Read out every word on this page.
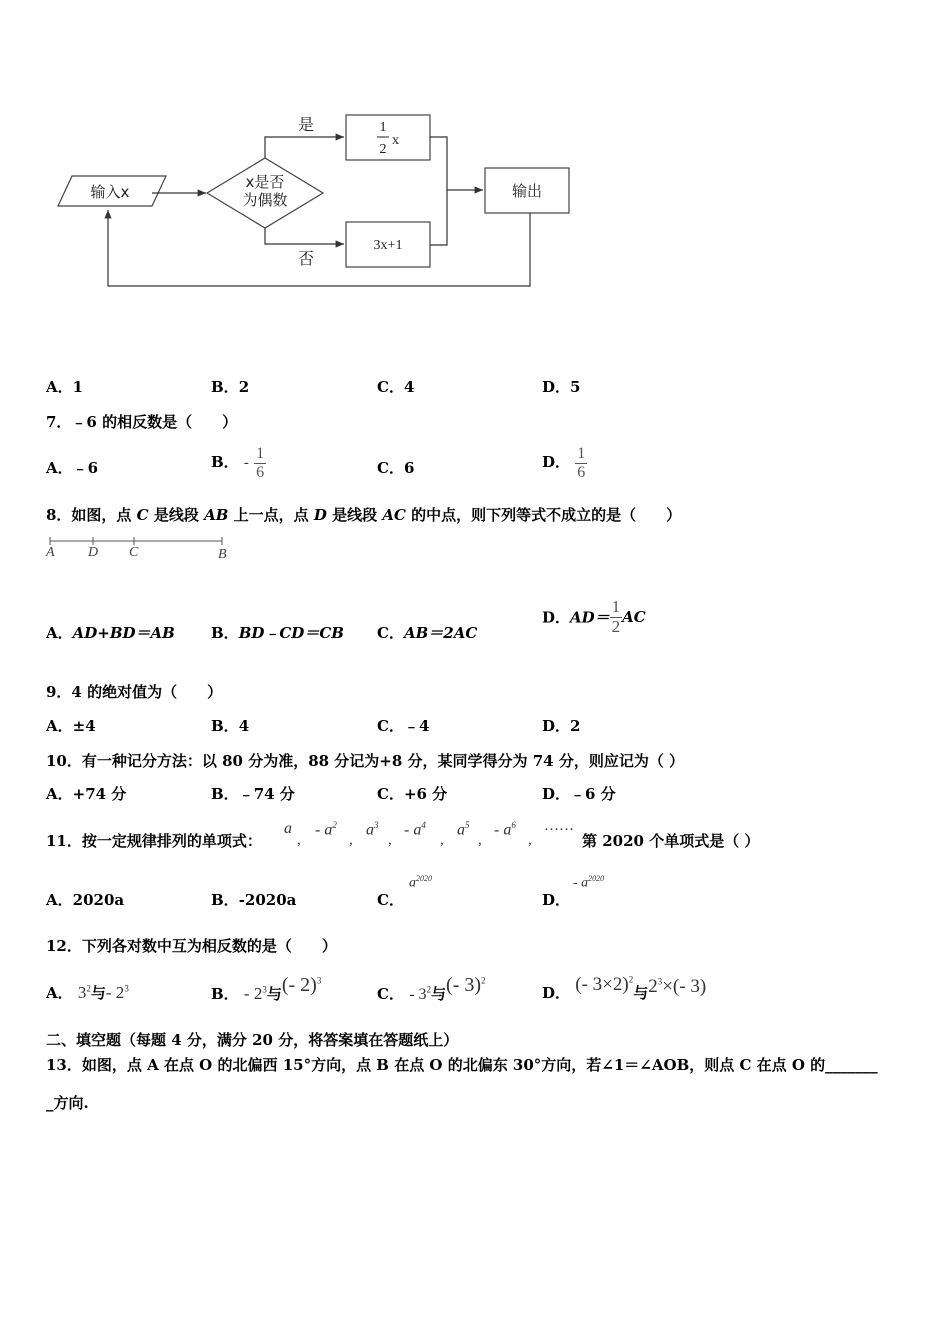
输入x
x是否
为偶数
是
否
1
2
x
3x+1
输出
A．1	B．2	C．4	D．5
7．﹣6 的相反数是（　　）
A．﹣6	B． - $\frac{1}{6}$	C．6	D． $\frac{1}{6}$
8．如图，点 C 是线段 AB 上一点，点 D 是线段 AC 的中点，则下列等式不成立的是（　　）
A D C	B
A．AD+BD＝AB B．BD﹣CD＝CB C．AB＝2AC
D．$AD= \frac{1}{2}$ AC
9．4 的绝对值为（　　）
A．±4	B．4	C．﹣4	D．2
10．有一种记分方法：以 80 分为准，88 分记为+8 分，某同学得分为 74 分，则应记为（ ）
A．+74 分	B．﹣74 分	C．+6 分	D．﹣6 分
11．按一定规律排列的单项式：
a
,
- $a^2$
,
$a^3$
,
- $a^4$
,
$a^5$
,
- $a^6$
,
……
第 2020 个单项式是（ ）
A．2020a	B．-2020a	C．
$a^{2020}$
D．
- $a^{2020}$
12．下列各对数中互为相反数的是（　　）
A． $3^2$与- $2^3$	B． - $2^3$与(- 2)$^3$
C． - $3^2$与(- 3)$^2$
D． (- 3×2)$^2$与$2^3\times(-$ 3)
二、填空题（每题 4 分，满分 20 分，将答案填在答题纸上）
13．如图，点 A 在点 O 的北偏西 15°方向，点 B 在点 O 的北偏东 30°方向，若∠1＝∠AOB，则点 C 在点 O 的_______
_方向.
